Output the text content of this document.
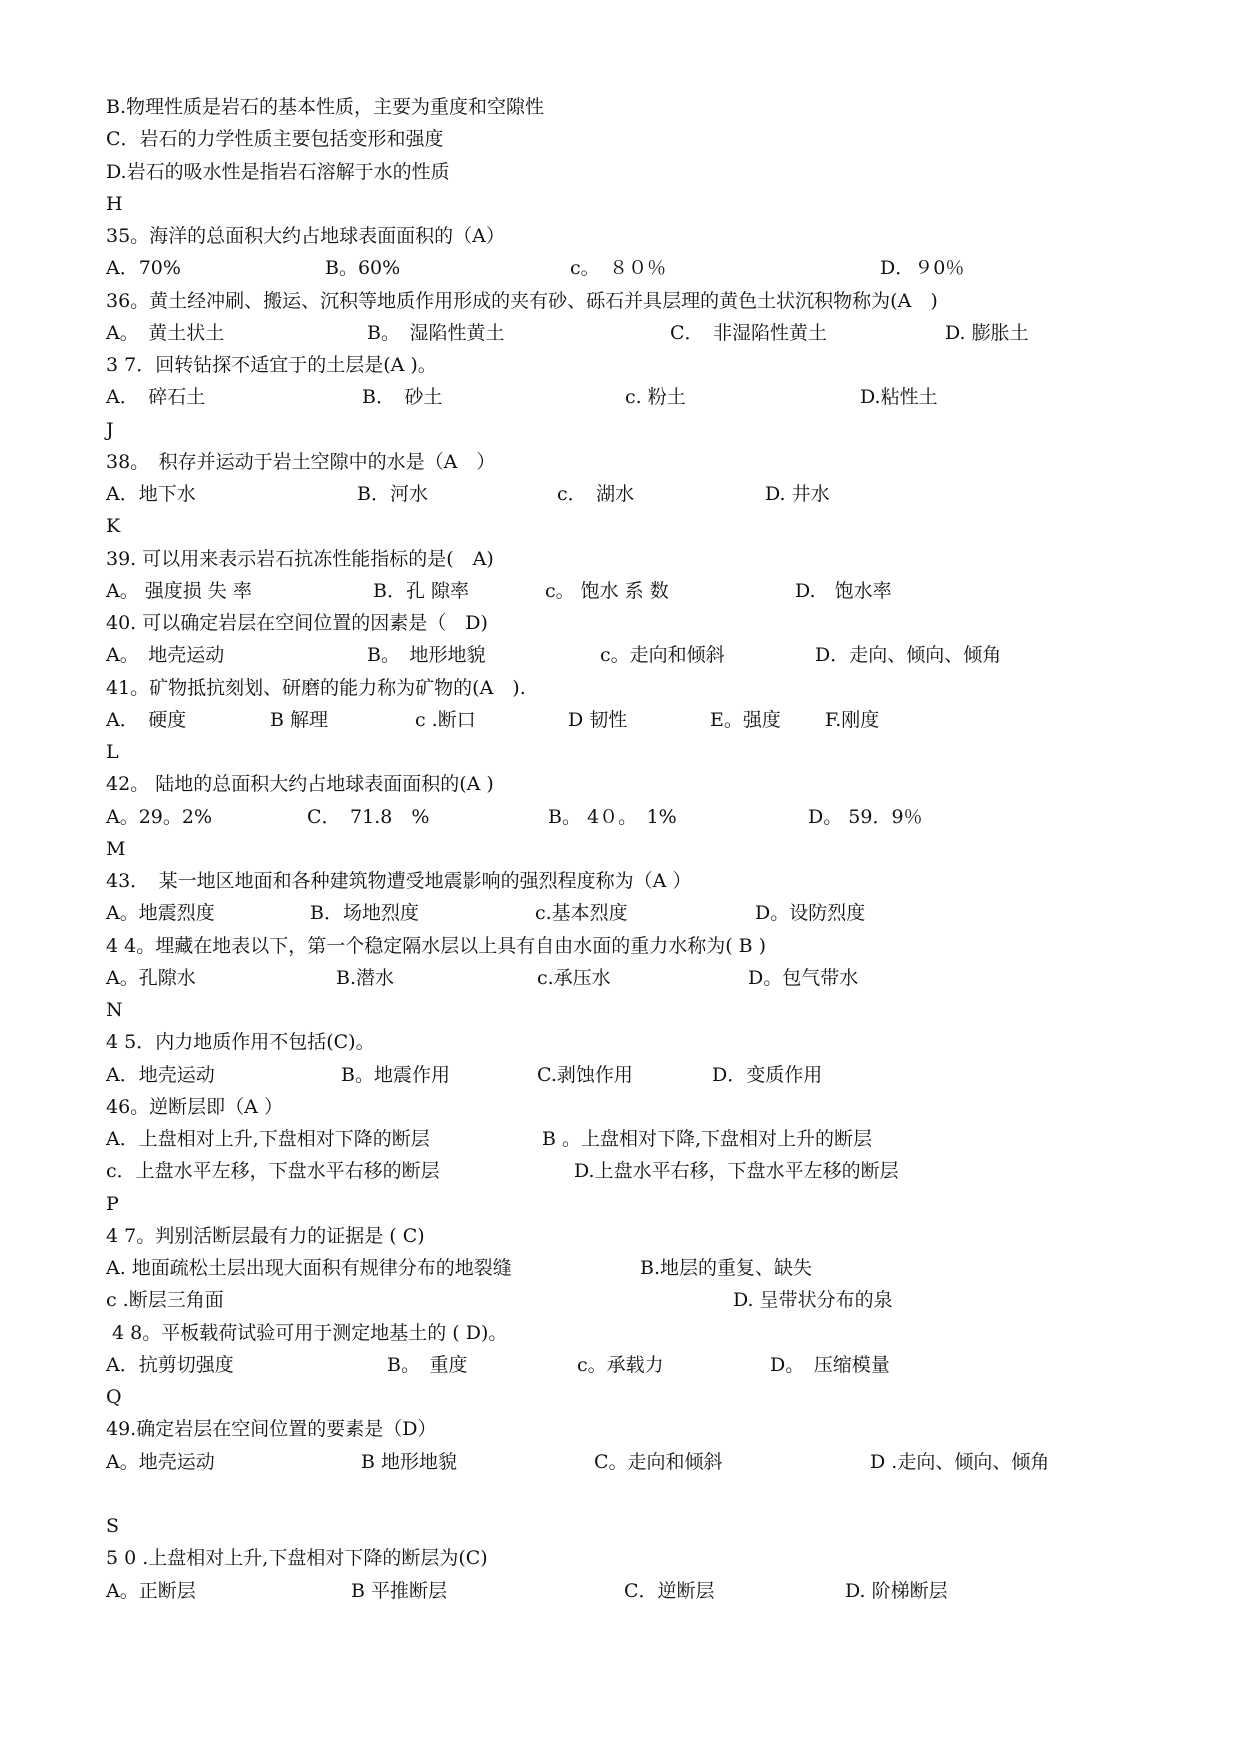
B.物理性质是岩石的基本性质，主要为重度和空隙性
C．岩石的力学性质主要包括变形和强度
D.岩石的吸水性是指岩石溶解于水的性质
H
35。海洋的总面积大约占地球表面面积的（A）
A．70%	B。60%	c。　８０％	D．９0％
36。黄土经冲刷、搬运、沉积等地质作用形成的夹有砂、砾石并具层理的黄色土状沉积物称为(A　)
A。　黄土状土	B。　湿陷性黄土	C．　非湿陷性黄土	D. 膨胀土
3 7．回转钻探不适宜于的土层是(A )。
A．　碎石土	B．　砂土	c. 粉土	D.粘性土
J
38。　积存并运动于岩土空隙中的水是（A　）
A．地下水	B．河水	c．　湖水	D. 井水
K
39. 可以用来表示岩石抗冻性能指标的是(　A)
A。 强度损 失 率	B．孔 隙率	c。 饱水 系 数	D.　饱水率
40. 可以确定岩层在空间位置的因素是（　D)
A。　地壳运动	B。　地形地貌	c。走向和倾斜	D．走向、倾向、倾角
41。矿物抵抗刻划、研磨的能力称为矿物的(A　).
A．　硬度	B 解理	c .断口	D 韧性	E。强度 F.刚度
L
42。 陆地的总面积大约占地球表面面积的(A )
A。29。2%	C．　71.8　%	B。 4０。　1%	D。 59．9％
M
43．　某一地区地面和各种建筑物遭受地震影响的强烈程度称为（A ）
A。地震烈度	B．场地烈度	c.基本烈度	D。设防烈度
4 4。埋藏在地表以下，第一个稳定隔水层以上具有自由水面的重力水称为( B )
A。孔隙水	B.潜水	c.承压水	D。包气带水
N
4 5．内力地质作用不包括(C)。
A．地壳运动	B。地震作用	C.剥蚀作用	D．变质作用
46。逆断层即（A ）
A．上盘相对上升,下盘相对下降的断层	B 。上盘相对下降,下盘相对上升的断层
c．上盘水平左移，下盘水平右移的断层	D.上盘水平右移，下盘水平左移的断层
P
4 7。判别活断层最有力的证据是 ( C)
A. 地面疏松土层出现大面积有规律分布的地裂缝	B.地层的重复、缺失
c .断层三角面	D. 呈带状分布的泉
4 8。平板载荷试验可用于测定地基土的 ( D)。
A．抗剪切强度	B。　重度	c。承载力	D。　压缩模量
Q
49.确定岩层在空间位置的要素是（D）
A。地壳运动	B 地形地貌	C。走向和倾斜	D .走向、倾向、倾角
S
5 0 .上盘相对上升,下盘相对下降的断层为(C)
A。正断层	B 平推断层	C．逆断层	D. 阶梯断层
